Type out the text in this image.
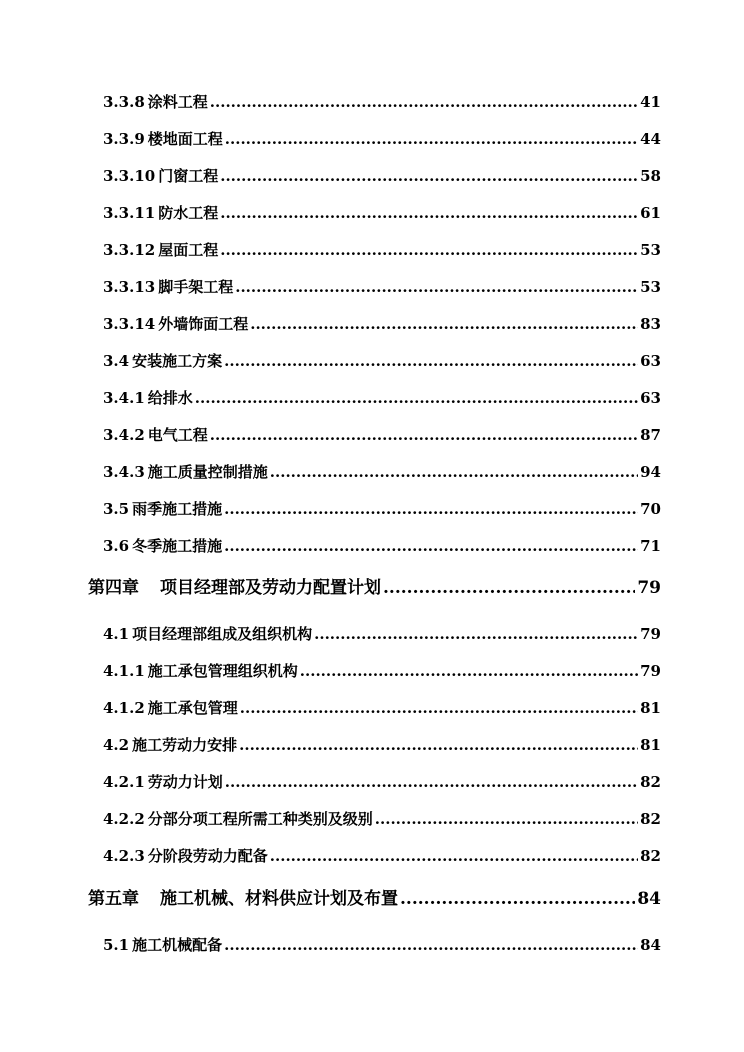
3.3.8 涂料工程 .....	41
3.3.9 楼地面工程 .....	44
3.3.10 门窗工程 .....	58
3.3.11 防水工程 .....	61
3.3.12 屋面工程 .....	53
3.3.13 脚手架工程 .....	53
3.3.14 外墙饰面工程 .....	83
3.4 安装施工方案 .....	63
3.4.1 给排水 .....	63
3.4.2 电气工程 .....	87
3.4.3 施工质量控制措施 .....	94
3.5 雨季施工措施 .....	70
3.6 冬季施工措施 .....	71
第四章 项目经理部及劳动力配置计划 .....	79
4.1 项目经理部组成及组织机构 .....	79
4.1.1 施工承包管理组织机构 .....	79
4.1.2 施工承包管理 .....	81
4.2 施工劳动力安排 .....	81
4.2.1 劳动力计划 .....	82
4.2.2 分部分项工程所需工种类别及级别 .....	82
4.2.3 分阶段劳动力配备 .....	82
第五章 施工机械、材料供应计划及布置 .....	84
5.1 施工机械配备 .....	84
